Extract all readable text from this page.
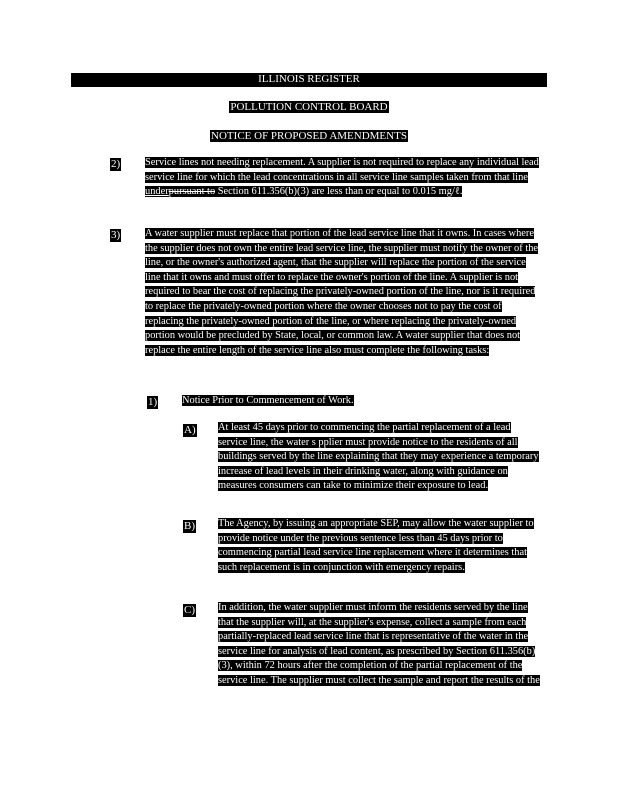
ILLINOIS REGISTER
POLLUTION CONTROL BOARD
NOTICE OF PROPOSED AMENDMENTS
2) Service lines not needing replacement. A supplier is not required to replace any individual lead service line for which the lead concentrations in all service line samples taken from that line underpursuant to Section 611.356(b)(3) are less than or equal to 0.015 mg/ℓ.
3) A water supplier must replace that portion of the lead service line that it owns. In cases where the supplier does not own the entire lead service line, the supplier must notify the owner of the line, or the owner's authorized agent, that the supplier will replace the portion of the service line that it owns and must offer to replace the owner's portion of the line. A supplier is not required to bear the cost of replacing the privately-owned portion of the line, nor is it required to replace the privately-owned portion where the owner chooses not to pay the cost of replacing the privately-owned portion of the line, or where replacing the privately-owned portion would be precluded by State, local, or common law. A water supplier that does not replace the entire length of the service line also must complete the following tasks:
1) Notice Prior to Commencement of Work.
A) At least 45 days prior to commencing the partial replacement of a lead service line, the water s pplier must provide notice to the residents of all buildings served by the line explaining that they may experience a temporary increase of lead levels in their drinking water, along with guidance on measures consumers can take to minimize their exposure to lead.
B) The Agency, by issuing an appropriate SEP, may allow the water supplier to provide notice under the previous sentence less than 45 days prior to commencing partial lead service line replacement where it determines that such replacement is in conjunction with emergency repairs.
C) In addition, the water supplier must inform the residents served by the line that the supplier will, at the supplier's expense, collect a sample from each partially-replaced lead service line that is representative of the water in the service line for analysis of lead content, as prescribed by Section 611.356(b)(3), within 72 hours after the completion of the partial replacement of the service line. The supplier must collect the sample and report the results of the
